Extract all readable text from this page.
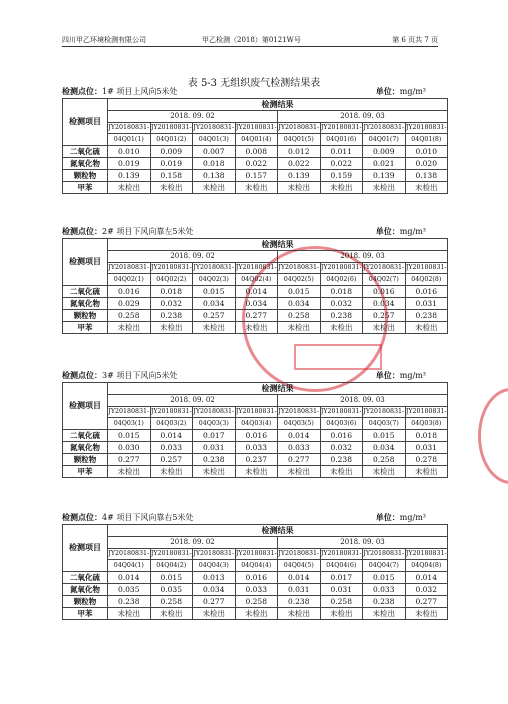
四川甲乙环境检测有限公司	甲乙检测（2018）第0121W号	第 6 页共 7 页
表 5-3 无组织废气检测结果表
检测点位：1# 项目上风向5米处	单位：mg/m³
检测项目	检测结果							
	2018. 09. 02				2018. 09. 03			
	JY20180831-	JY20180831-	JY20180831-	JY20180831-	JY20180831-	JY20180831-	JY20180831-	JY20180831-
	04Q01(1)	04Q01(2)	04Q01(3)	04Q01(4)	04Q01(5)	04Q01(6)	04Q01(7)	04Q01(8)
二氧化硫	0.010	0.009	0.007	0.008	0.012	0.011	0.009	0.010
氮氧化物	0.019	0.019	0.018	0.022	0.022	0.022	0.021	0.020
颗粒物	0.139	0.158	0.138	0.157	0.139	0.159	0.139	0.138
甲苯	未检出	未检出	未检出	未检出	未检出	未检出	未检出	未检出
检测点位：2# 项目下风向靠左5米处	单位：mg/m³
检测项目	检测结果							
	2018. 09. 02				2018. 09. 03			
	JY20180831-	JY20180831-	JY20180831-	JY20180831-	JY20180831-	JY20180831-	JY20180831-	JY20180831-
	04Q02(1)	04Q02(2)	04Q02(3)	04Q02(4)	04Q02(5)	04Q02(6)	04Q02(7)	04Q02(8)
二氧化硫	0.016	0.018	0.015	0.014	0.015	0.018	0.016	0.016
氮氧化物	0.029	0.032	0.034	0.034	0.034	0.032	0.034	0.031
颗粒物	0.258	0.238	0.257	0.277	0.258	0.238	0.257	0.238
甲苯	未检出	未检出	未检出	未检出	未检出	未检出	未检出	未检出
检测点位：3# 项目下风向5米处	单位：mg/m³
检测项目	检测结果							
	2018. 09. 02				2018. 09. 03			
	JY20180831-	JY20180831-	JY20180831-	JY20180831-	JY20180831-	JY20180831-	JY20180831-	JY20180831-
	04Q03(1)	04Q03(2)	04Q03(3)	04Q03(4)	04Q03(5)	04Q03(6)	04Q03(7)	04Q03(8)
二氧化硫	0.015	0.014	0.017	0.016	0.014	0.016	0.015	0.018
氮氧化物	0.030	0.033	0.031	0.033	0.033	0.032	0.034	0.031
颗粒物	0.277	0.257	0.238	0.237	0.277	0.238	0.258	0.278
甲苯	未检出	未检出	未检出	未检出	未检出	未检出	未检出	未检出
检测点位：4# 项目下风向靠右5米处	单位：mg/m³
检测项目	检测结果							
	2018. 09. 02				2018. 09. 03			
	JY20180831-	JY20180831-	JY20180831-	JY20180831-	JY20180831-	JY20180831-	JY20180831-	JY20180831-
	04Q04(1)	04Q04(2)	04Q04(3)	04Q04(4)	04Q04(5)	04Q04(6)	04Q04(7)	04Q04(8)
二氧化硫	0.014	0.015	0.013	0.016	0.014	0.017	0.015	0.014
氮氧化物	0.035	0.035	0.034	0.033	0.031	0.031	0.033	0.032
颗粒物	0.238	0.258	0.277	0.258	0.238	0.258	0.238	0.277
甲苯	未检出	未检出	未检出	未检出	未检出	未检出	未检出	未检出
